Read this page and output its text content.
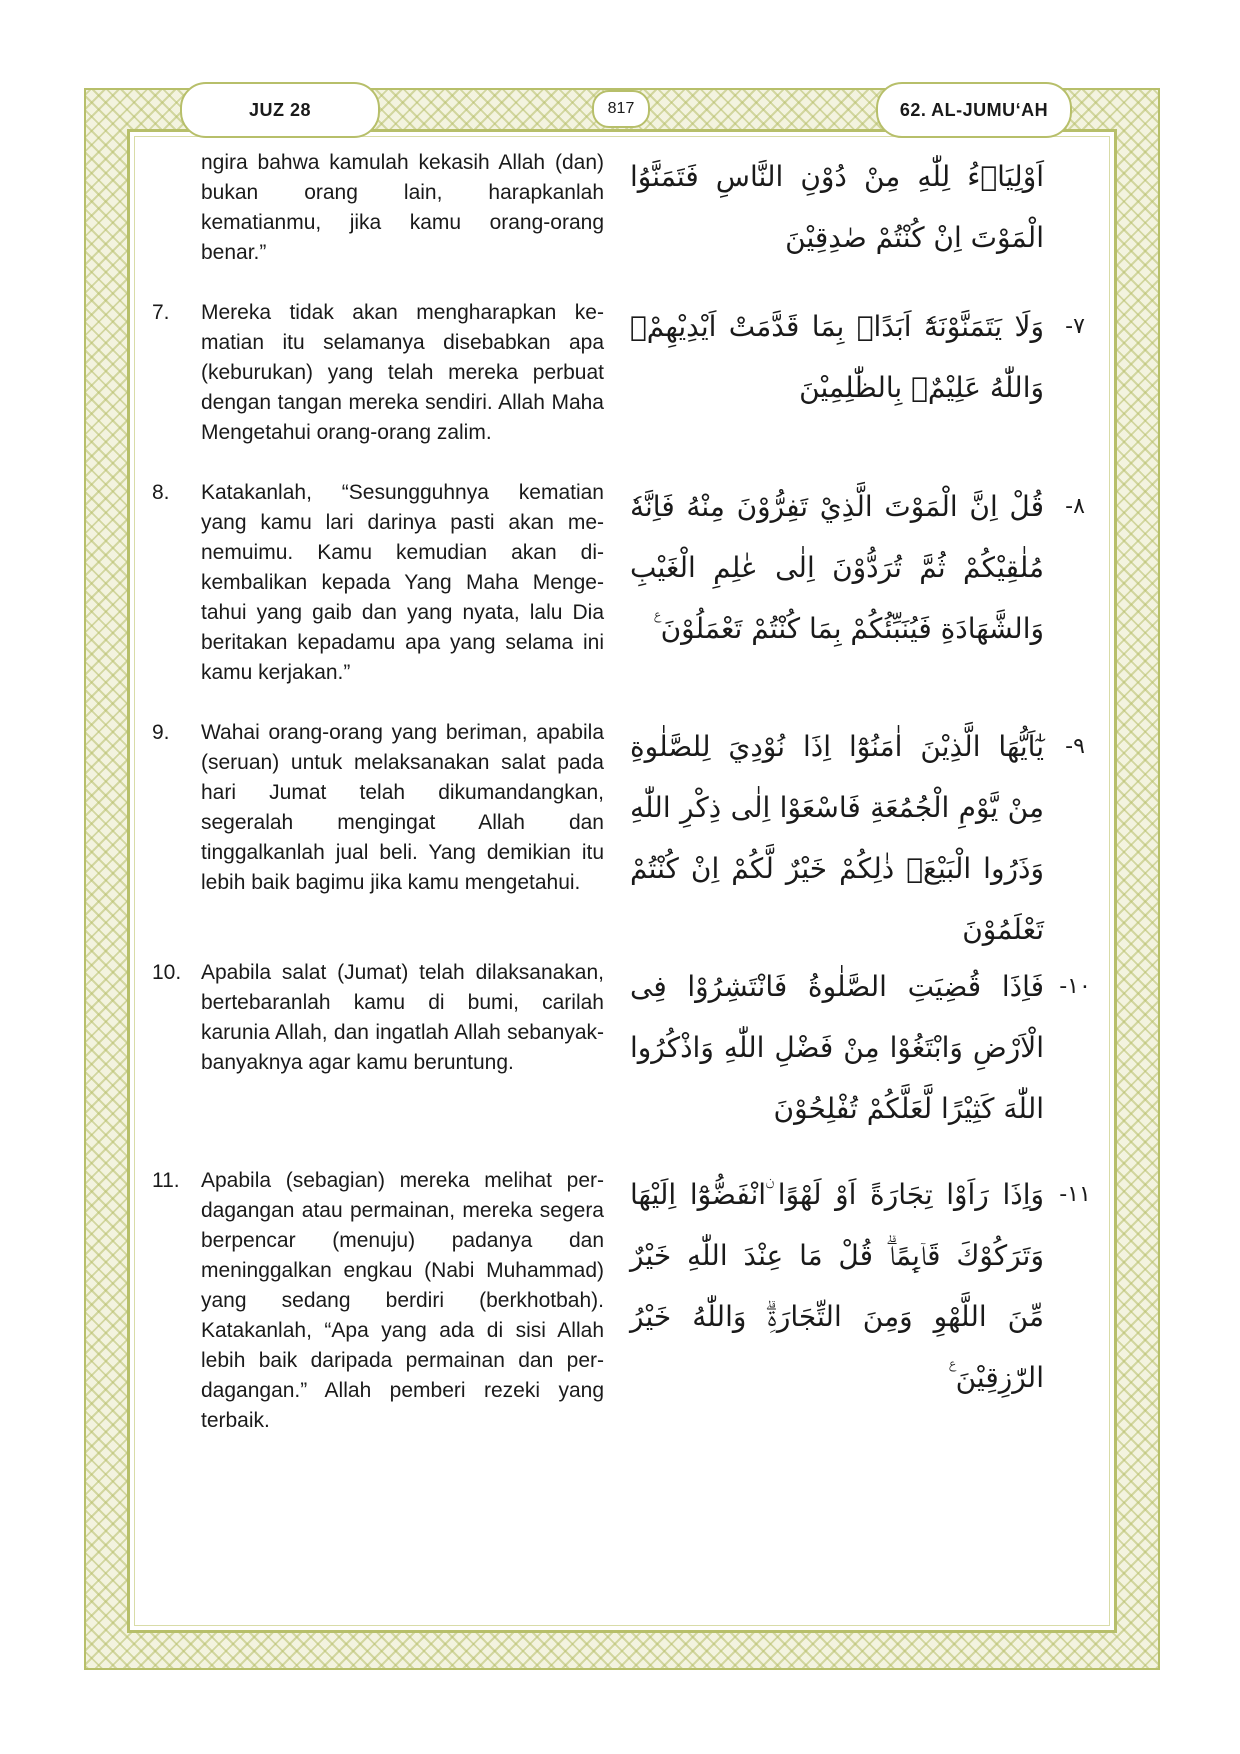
JUZ 28	817	62. AL-JUMU‘AH
ngira bahwa kamulah kekasih Allah (dan) bukan orang lain, harapkanlah kematianmu, jika kamu orang-orang benar.”
اَوْلِيَاۤءُ لِلّٰهِ مِنْ دُوْنِ النَّاسِ فَتَمَنَّوُا الْمَوْتَ اِنْ كُنْتُمْ صٰدِقِيْنَ
7.	Mereka tidak akan mengharapkan kematian itu selamanya disebabkan apa (keburukan) yang telah mereka perbuat dengan tangan mereka sendiri. Allah Maha Mengetahui orang-orang zalim.
وَلَا يَتَمَنَّوْنَهٗٓ اَبَدًاۢ بِمَا قَدَّمَتْ اَيْدِيْهِمْۗ وَاللّٰهُ عَلِيْمٌۢ بِالظّٰلِمِيْنَ
-٧
8.	Katakanlah, “Sesungguhnya kematian yang kamu lari darinya pasti akan menemuimu. Kamu kemudian akan dikembalikan kepada Yang Maha Mengetahui yang gaib dan yang nyata, lalu Dia beritakan kepadamu apa yang selama ini kamu kerjakan.”
قُلْ اِنَّ الْمَوْتَ الَّذِيْ تَفِرُّوْنَ مِنْهُ فَاِنَّهٗ مُلٰقِيْكُمْ ثُمَّ تُرَدُّوْنَ اِلٰى عٰلِمِ الْغَيْبِ وَالشَّهَادَةِ فَيُنَبِّئُكُمْ بِمَا كُنْتُمْ تَعْمَلُوْنَ ࣖ
-٨
9.	Wahai orang-orang yang beriman, apabila (seruan) untuk melaksanakan salat pada hari Jumat telah dikumandangkan, segeralah mengingat Allah dan tinggalkanlah jual beli. Yang demikian itu lebih baik bagimu jika kamu mengetahui.
يٰٓاَيُّهَا الَّذِيْنَ اٰمَنُوْٓا اِذَا نُوْدِيَ لِلصَّلٰوةِ مِنْ يَّوْمِ الْجُمُعَةِ فَاسْعَوْا اِلٰى ذِكْرِ اللّٰهِ وَذَرُوا الْبَيْعَۗ ذٰلِكُمْ خَيْرٌ لَّكُمْ اِنْ كُنْتُمْ تَعْلَمُوْنَ
-٩
10. Apabila salat (Jumat) telah dilaksanakan, bertebaranlah kamu di bumi, carilah karunia Allah, dan ingatlah Allah sebanyak-banyaknya agar kamu beruntung.
فَاِذَا قُضِيَتِ الصَّلٰوةُ فَانْتَشِرُوْا فِى الْاَرْضِ وَابْتَغُوْا مِنْ فَضْلِ اللّٰهِ وَاذْكُرُوا اللّٰهَ كَثِيْرًا لَّعَلَّكُمْ تُفْلِحُوْنَ
-١٠
11.	Apabila (sebagian) mereka melihat perdagangan atau permainan, mereka segera berpencar (menuju) padanya dan meninggalkan engkau (Nabi Muhammad) yang sedang berdiri (berkhotbah). Katakanlah, “Apa yang ada di sisi Allah lebih baik daripada permainan dan perdagangan.” Allah pemberi rezeki yang terbaik.
وَاِذَا رَاَوْا تِجَارَةً اَوْ لَهْوًا ۨانْفَضُّوْٓا اِلَيْهَا وَتَرَكُوْكَ قَاۤىِٕمًاۗ قُلْ مَا عِنْدَ اللّٰهِ خَيْرٌ مِّنَ اللَّهْوِ وَمِنَ التِّجَارَةِۗ وَاللّٰهُ خَيْرُ الرّٰزِقِيْنَ ࣖ
-١١
